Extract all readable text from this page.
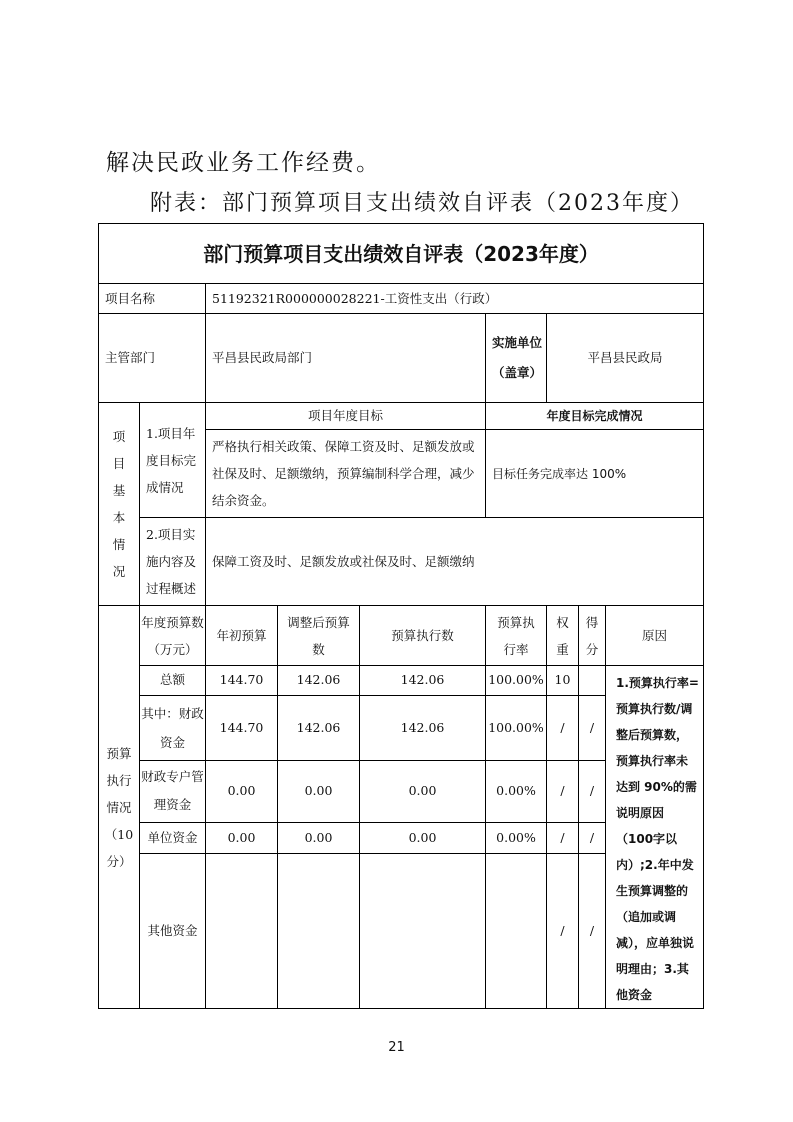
解决民政业务工作经费。
附表：部门预算项目支出绩效自评表（2023年度）
部门预算项目支出绩效自评表（2023年度）								
项目名称		51192321R000000028221-工资性支出（行政）						
主管部门		平昌县民政局部门			实施单位（盖章）	平昌县民政局		
项目基本情况	1.项目年度目标完成情况	项目年度目标			年度目标完成情况			
		严格执行相关政策、保障工资及时、足额发放或社保及时、足额缴纳，预算编制科学合理，减少结余资金。			目标任务完成率达 100%			
	2.项目实施内容及过程概述	保障工资及时、足额发放或社保及时、足额缴纳						

预算执行情况（10分）	年度预算数（万元）	年初预算	调整后预算数	预算执行数	预算执行率	权重	得分	原因
	总额	144.70	142.06	142.06	100.00%	10		1.预算执行率=预算执行数/调整后预算数，预算执行率未达到 90%的需说明原因（100字以内）;2.年中发生预算调整的（追加或调减），应单独说明理由；3.其他资金
	其中：财政资金	144.70	142.06	142.06	100.00%	/	/	
	财政专户管理资金	0.00	0.00	0.00	0.00%	/	/	
	单位资金	0.00	0.00	0.00	0.00%	/	/	
	其他资金					/	/	
21
